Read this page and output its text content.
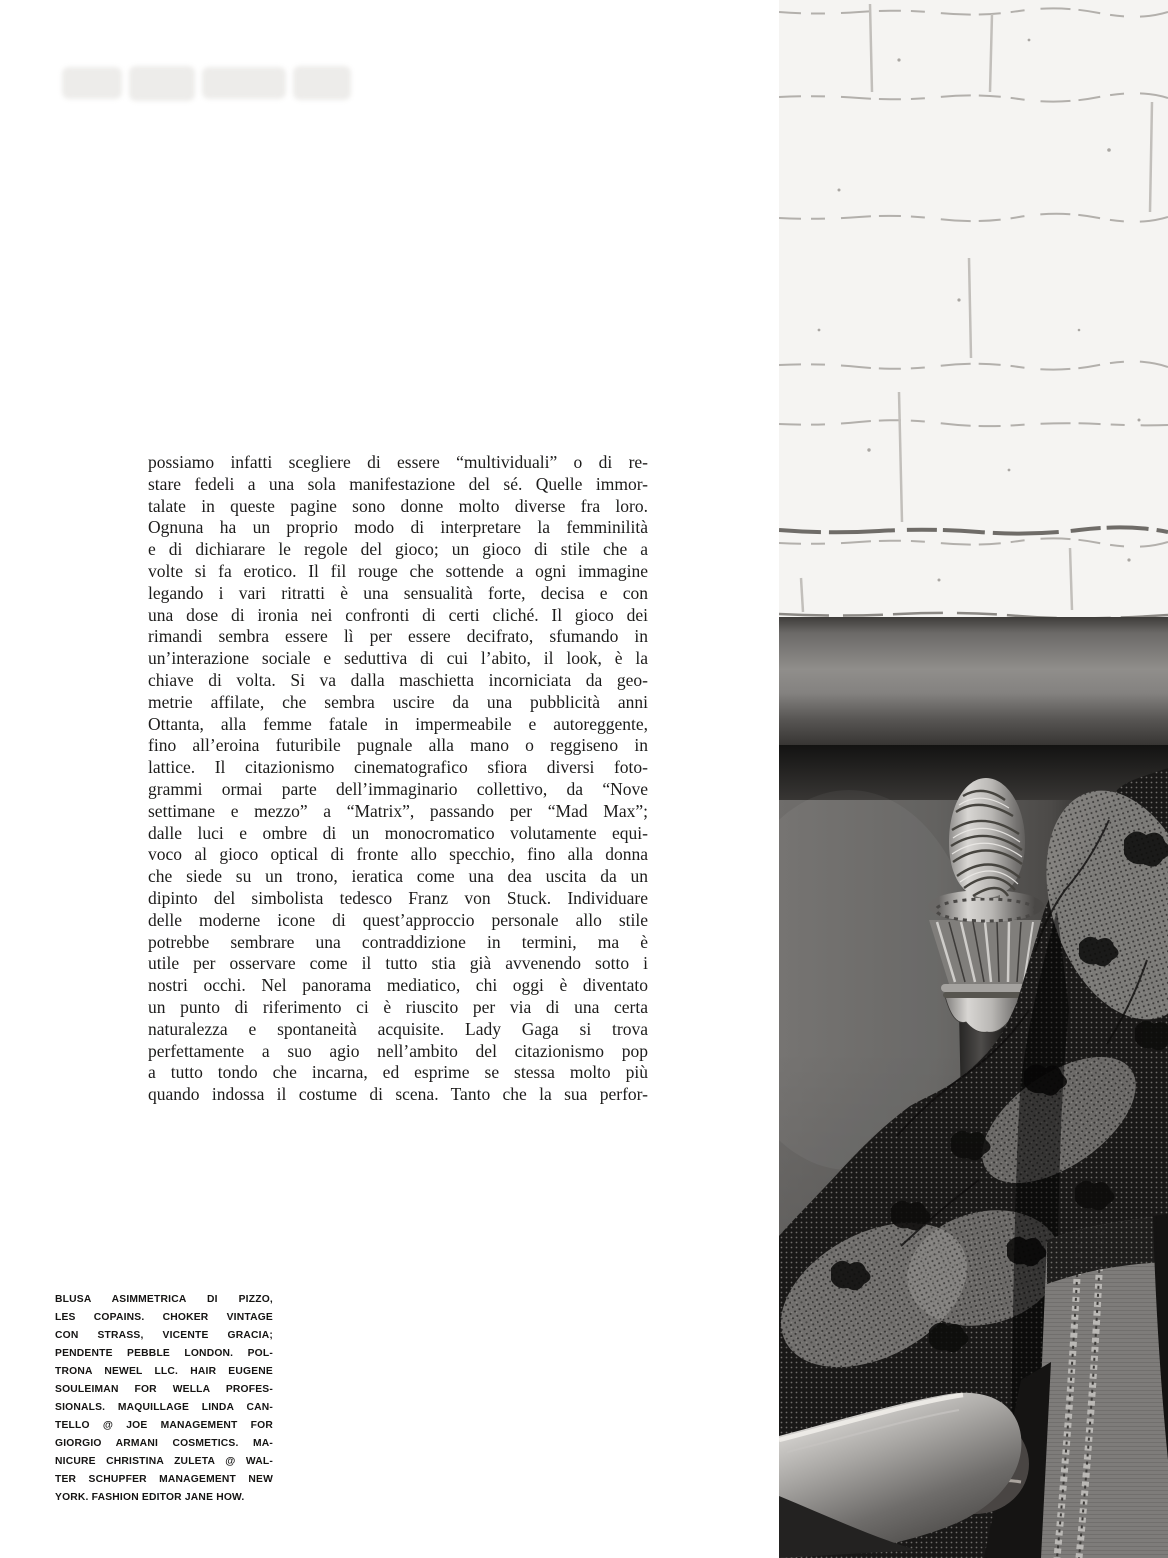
possiamo infatti scegliere di essere “multividuali” o di re-
stare fedeli a una sola manifestazione del sé. Quelle immor-
talate in queste pagine sono donne molto diverse fra loro.
Ognuna ha un proprio modo di interpretare la femminilità
e di dichiarare le regole del gioco; un gioco di stile che a
volte si fa erotico. Il fil rouge che sottende a ogni immagine
legando i vari ritratti è una sensualità forte, decisa e con
una dose di ironia nei confronti di certi cliché. Il gioco dei
rimandi sembra essere lì per essere decifrato, sfumando in
un’interazione sociale e seduttiva di cui l’abito, il look, è la
chiave di volta. Si va dalla maschietta incorniciata da geo-
metrie affilate, che sembra uscire da una pubblicità anni
Ottanta, alla femme fatale in impermeabile e autoreggente,
fino all’eroina futuribile pugnale alla mano o reggiseno in
lattice. Il citazionismo cinematografico sfiora diversi foto-
grammi ormai parte dell’immaginario collettivo, da “Nove
settimane e mezzo” a “Matrix”, passando per “Mad Max”;
dalle luci e ombre di un monocromatico volutamente equi-
voco al gioco optical di fronte allo specchio, fino alla donna
che siede su un trono, ieratica come una dea uscita da un
dipinto del simbolista tedesco Franz von Stuck. Individuare
delle moderne icone di quest’approccio personale allo stile
potrebbe sembrare una contraddizione in termini, ma è
utile per osservare come il tutto stia già avvenendo sotto i
nostri occhi. Nel panorama mediatico, chi oggi è diventato
un punto di riferimento ci è riuscito per via di una certa
naturalezza e spontaneità acquisite. Lady Gaga si trova
perfettamente a suo agio nell’ambito del citazionismo pop
a tutto tondo che incarna, ed esprime se stessa molto più
quando indossa il costume di scena. Tanto che la sua perfor-
BLUSA ASIMMETRICA DI PIZZO,
LES COPAINS. CHOKER VINTAGE
CON STRASS, VICENTE GRACIA;
PENDENTE PEBBLE LONDON. POL-
TRONA NEWEL LLC. HAIR EUGENE
SOULEIMAN FOR WELLA PROFES-
SIONALS. MAQUILLAGE LINDA CAN-
TELLO @ JOE MANAGEMENT FOR
GIORGIO ARMANI COSMETICS. MA-
NICURE CHRISTINA ZULETA @ WAL-
TER SCHUPFER MANAGEMENT NEW
YORK. FASHION EDITOR JANE HOW.
